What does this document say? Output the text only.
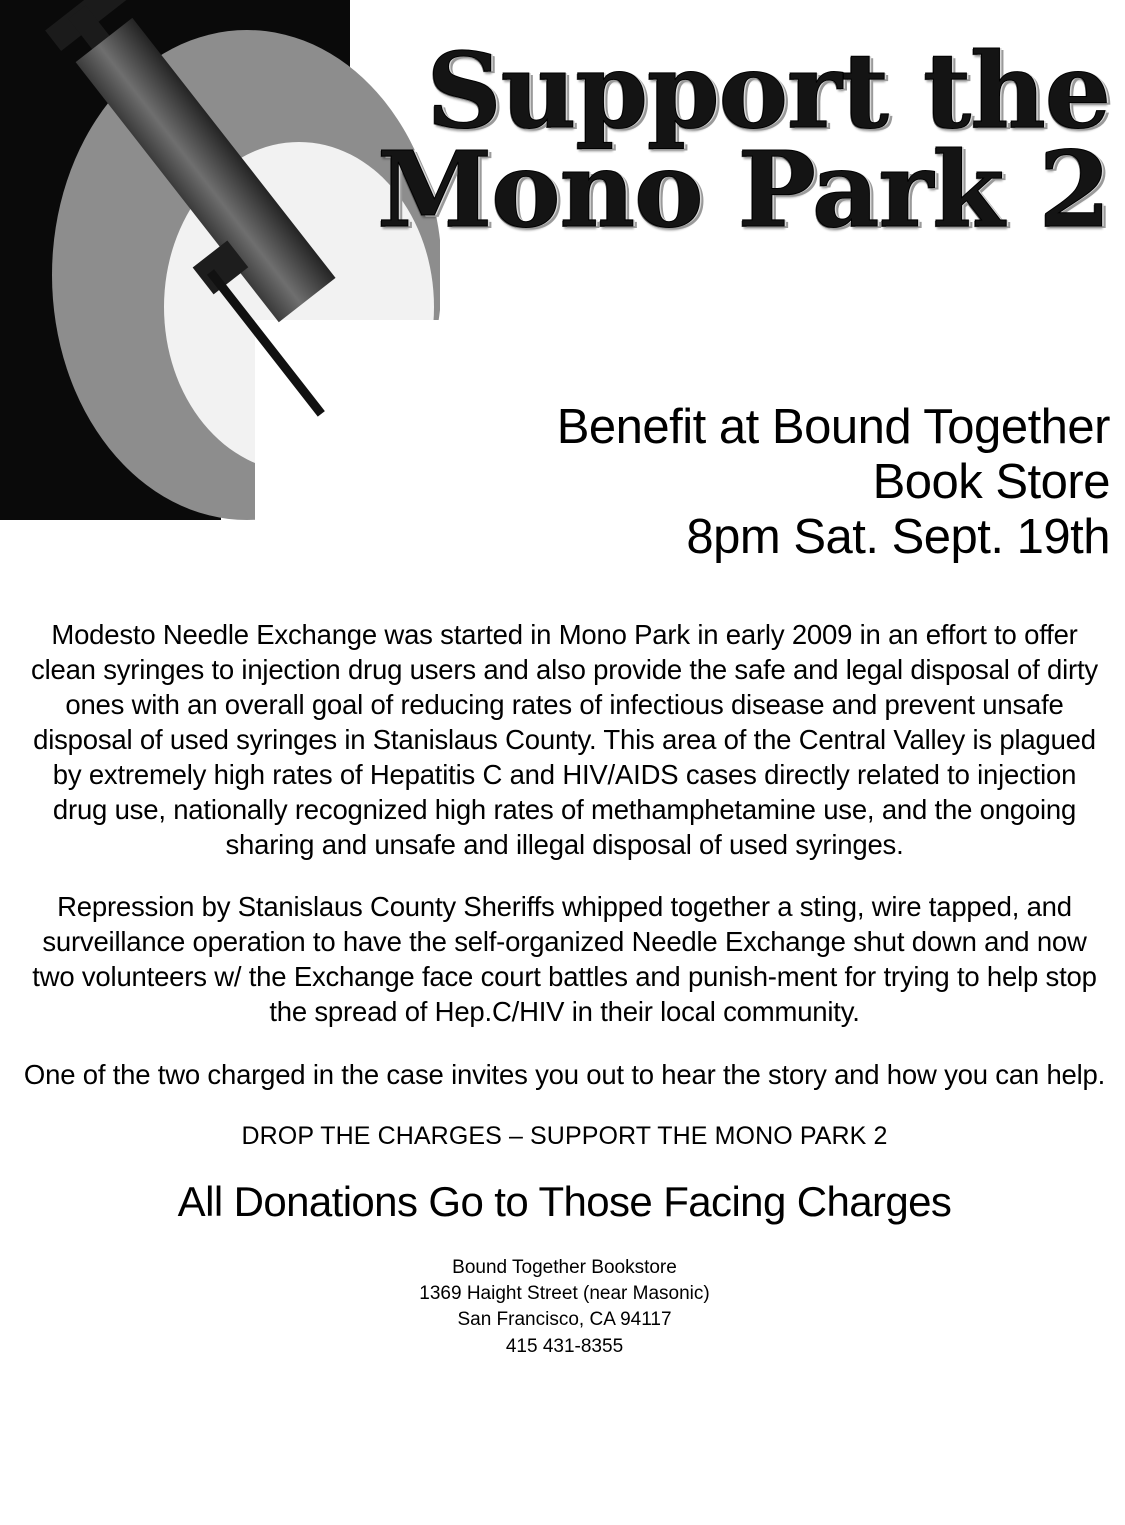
Support the
Mono Park 2
Benefit at Bound Together
Book Store
8pm Sat. Sept. 19th

Modesto Needle Exchange was started in Mono Park in early 2009 in an effort to offer clean syringes to injection drug users and also provide the safe and legal disposal of dirty ones with an overall goal of reducing rates of infectious disease and prevent unsafe disposal of used syringes in Stanislaus County. This area of the Central Valley is plagued by extremely high rates of Hepatitis C and HIV/AIDS cases directly related to injection drug use, nationally recognized high rates of methamphetamine use, and the ongoing sharing and unsafe and illegal disposal of used syringes.

Repression by Stanislaus County Sheriffs whipped together a sting, wire tapped, and surveillance operation to have the self-organized Needle Exchange shut down and now two volunteers w/ the Exchange face court battles and punish-ment for trying to help stop the spread of Hep.C/HIV in their local community.

One of the two charged in the case invites you out to hear the story and how you can help.

DROP THE CHARGES – SUPPORT THE MONO PARK 2

All Donations Go to Those Facing Charges

Bound Together Bookstore
1369 Haight Street (near Masonic)
San Francisco, CA 94117
415 431-8355
